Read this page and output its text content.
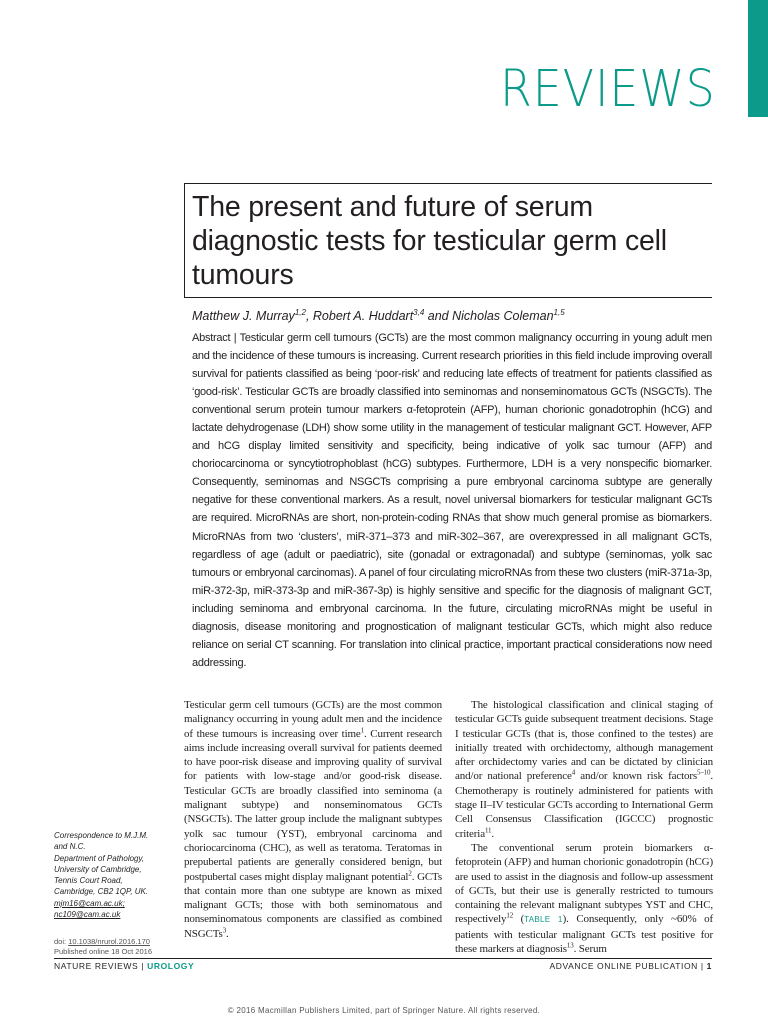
REVIEWS
The present and future of serum diagnostic tests for testicular germ cell tumours
Matthew J. Murray$^{1,2}$, Robert A. Huddart$^{3,4}$ and Nicholas Coleman$^{1,5}$
Abstract | Testicular germ cell tumours (GCTs) are the most common malignancy occurring in young adult men and the incidence of these tumours is increasing. Current research priorities in this field include improving overall survival for patients classified as being ‘poor-risk’ and reducing late effects of treatment for patients classified as ‘good-risk’. Testicular GCTs are broadly classified into seminomas and nonseminomatous GCTs (NSGCTs). The conventional serum protein tumour markers α-fetoprotein (AFP), human chorionic gonadotrophin (hCG) and lactate dehydrogenase (LDH) show some utility in the management of testicular malignant GCT. However, AFP and hCG display limited sensitivity and specificity, being indicative of yolk sac tumour (AFP) and choriocarcinoma or syncytiotrophoblast (hCG) subtypes. Furthermore, LDH is a very nonspecific biomarker. Consequently, seminomas and NSGCTs comprising a pure embryonal carcinoma subtype are generally negative for these conventional markers. As a result, novel universal biomarkers for testicular malignant GCTs are required. MicroRNAs are short, non-protein-coding RNAs that show much general promise as biomarkers. MicroRNAs from two ‘clusters’, miR-371–373 and miR-302–367, are overexpressed in all malignant GCTs, regardless of age (adult or paediatric), site (gonadal or extragonadal) and subtype (seminomas, yolk sac tumours or embryonal carcinomas). A panel of four circulating microRNAs from these two clusters (miR-371a-3p, miR-372-3p, miR-373-3p and miR-367-3p) is highly sensitive and specific for the diagnosis of malignant GCT, including seminoma and embryonal carcinoma. In the future, circulating microRNAs might be useful in diagnosis, disease monitoring and prognostication of malignant testicular GCTs, which might also reduce reliance on serial CT scanning. For translation into clinical practice, important practical considerations now need addressing.

Testicular germ cell tumours (GCTs) are the most common malignancy occurring in young adult men and the incidence of these tumours is increasing over time$^1$. Current research aims include increasing overall survival for patients deemed to have poor-risk disease and improving quality of survival for patients with low-stage and/or good-risk disease. Testicular GCTs are broadly classified into seminoma (a malignant subtype) and nonseminomatous GCTs (NSGCTs). The latter group include the malignant subtypes yolk sac tumour (YST), embryonal carcinoma and choriocarcinoma (CHC), as well as teratoma. Teratomas in prepubertal patients are generally considered benign, but postpubertal cases might display malignant potential$^2$. GCTs that contain more than one subtype are known as mixed malignant GCTs; those with both seminomatous and nonseminomatous components are classified as combined NSGCTs$^3$.

The histological classification and clinical staging of testicular GCTs guide subsequent treatment decisions. Stage I testicular GCTs (that is, those confined to the testes) are initially treated with orchidectomy, although management after orchidectomy varies and can be dictated by clinician and/or national preference$^4$ and/or known risk factors$^{5-10}$. Chemotherapy is routinely administered for patients with stage II–IV testicular GCTs according to International Germ Cell Consensus Classification (IGCCC) prognostic criteria$^{11}$.

The conventional serum protein biomarkers α-fetoprotein (AFP) and human chorionic gonadotropin (hCG) are used to assist in the diagnosis and follow-up assessment of GCTs, but their use is generally restricted to tumours containing the relevant malignant subtypes YST and CHC, respectively$^{12}$ (TABLE 1). Consequently, only ~60% of patients with testicular malignant GCTs test positive for these markers at diagnosis$^{13}$. Serum

Correspondence to M.J.M.
and N.C.
Department of Pathology,
University of Cambridge,
Tennis Court Road,
Cambridge, CB2 1QP, UK.
mjm16@cam.ac.uk;
nc109@cam.ac.uk
doi: 10.1038/nrurol.2016.170
Published online 18 Oct 2016
NATURE REVIEWS | UROLOGY	ADVANCE ONLINE PUBLICATION | 1
© 2016 Macmillan Publishers Limited, part of Springer Nature. All rights reserved.
